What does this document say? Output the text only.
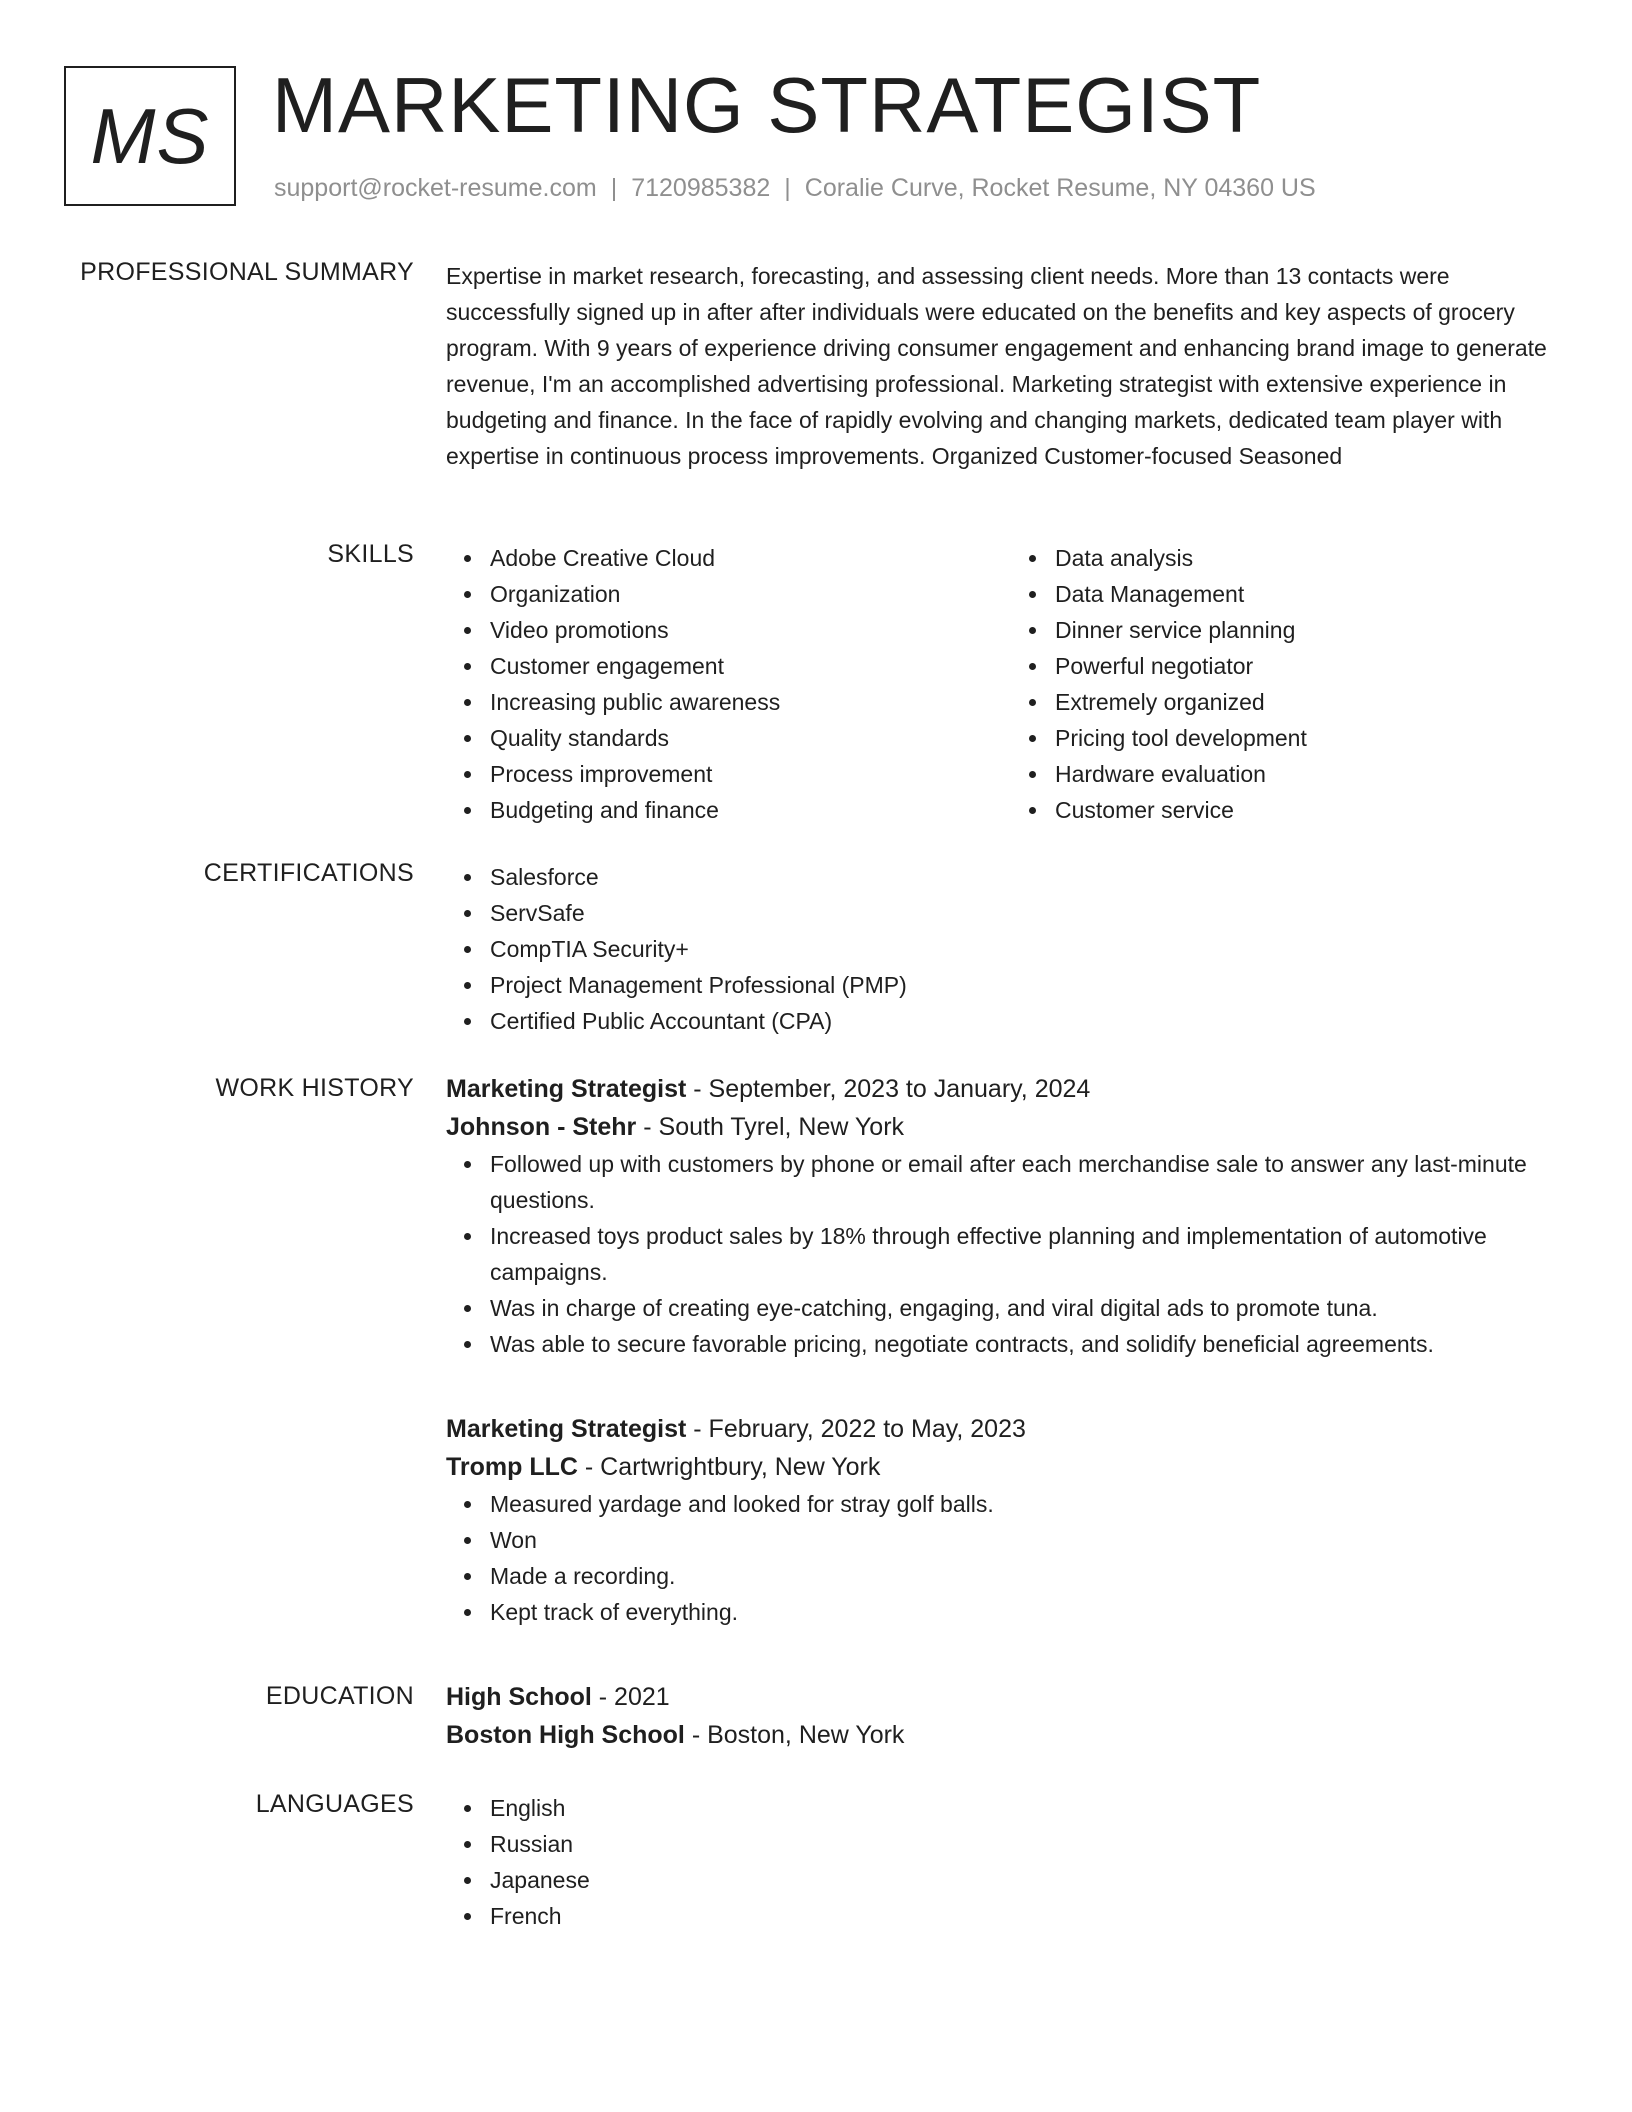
MS MARKETING STRATEGIST
support@rocket-resume.com | 7120985382 | Coralie Curve, Rocket Resume, NY 04360 US
PROFESSIONAL SUMMARY Expertise in market research, forecasting, and assessing client needs. More than 13 contacts were successfully signed up in after after individuals were educated on the benefits and key aspects of grocery program. With 9 years of experience driving consumer engagement and enhancing brand image to generate revenue, I'm an accomplished advertising professional. Marketing strategist with extensive experience in budgeting and finance. In the face of rapidly evolving and changing markets, dedicated team player with expertise in continuous process improvements. Organized Customer-focused Seasoned
SKILLS	Adobe Creative Cloud
Organization
Video promotions
Customer engagement
Increasing public awareness
Quality standards
Process improvement
Budgeting and finance
Data analysis
Data Management
Dinner service planning
Powerful negotiator
Extremely organized
Pricing tool development
Hardware evaluation
Customer service
CERTIFICATIONS	Salesforce
ServSafe
CompTIA Security+
Project Management Professional (PMP)
Certified Public Accountant (CPA)
WORK HISTORY Marketing Strategist - September, 2023 to January, 2024
Johnson - Stehr - South Tyrel, New York
Followed up with customers by phone or email after each merchandise sale to answer any last-minute questions.
Increased toys product sales by 18% through effective planning and implementation of automotive campaigns.
Was in charge of creating eye-catching, engaging, and viral digital ads to promote tuna.
Was able to secure favorable pricing, negotiate contracts, and solidify beneficial agreements.
Marketing Strategist - February, 2022 to May, 2023
Tromp LLC - Cartwrightbury, New York
Measured yardage and looked for stray golf balls.
Won
Made a recording.
Kept track of everything.
EDUCATION High School - 2021
Boston High School - Boston, New York
LANGUAGES	English
Russian
Japanese
French
